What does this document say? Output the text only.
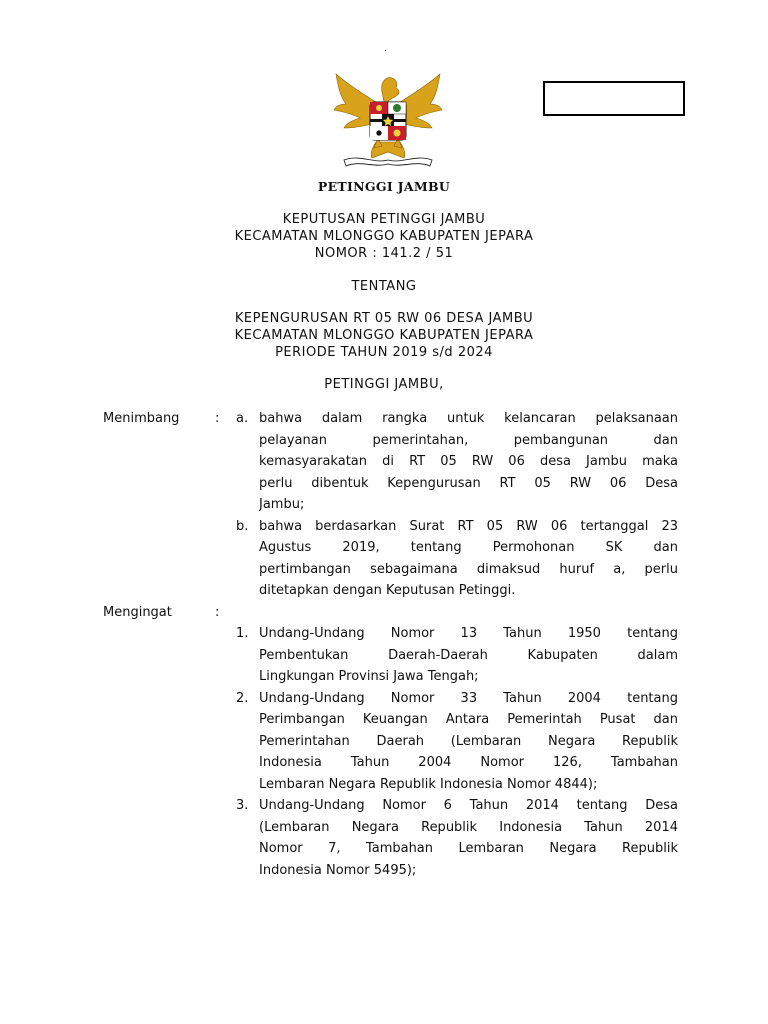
.
PETINGGI JAMBU
KEPUTUSAN PETINGGI JAMBU
KECAMATAN MLONGGO KABUPATEN JEPARA
NOMOR : 141.2 / 51
TENTANG
KEPENGURUSAN RT 05 RW 06 DESA JAMBU
KECAMATAN MLONGGO KABUPATEN JEPARA
PERIODE TAHUN 2019 s/d 2024
PETINGGI JAMBU,
Menimbang	: a. bahwa dalam rangka untuk kelancaran pelaksanaan
pelayanan pemerintahan, pembangunan dan
kemasyarakatan di RT 05 RW 06 desa Jambu maka
perlu dibentuk Kepengurusan RT 05 RW 06 Desa
Jambu;
b. bahwa berdasarkan Surat RT 05 RW 06 tertanggal 23
Agustus 2019, tentang Permohonan SK dan
pertimbangan sebagaimana dimaksud huruf a, perlu
ditetapkan dengan Keputusan Petinggi.
Mengingat	:
1. Undang-Undang Nomor 13 Tahun 1950 tentang
Pembentukan Daerah-Daerah Kabupaten dalam
Lingkungan Provinsi Jawa Tengah;
2. Undang-Undang Nomor 33 Tahun 2004 tentang
Perimbangan Keuangan Antara Pemerintah Pusat dan
Pemerintahan Daerah (Lembaran Negara Republik
Indonesia Tahun 2004 Nomor 126, Tambahan
Lembaran Negara Republik Indonesia Nomor 4844);
3. Undang-Undang Nomor 6 Tahun 2014 tentang Desa
(Lembaran Negara Republik Indonesia Tahun 2014
Nomor 7, Tambahan Lembaran Negara Republik
Indonesia Nomor 5495);
